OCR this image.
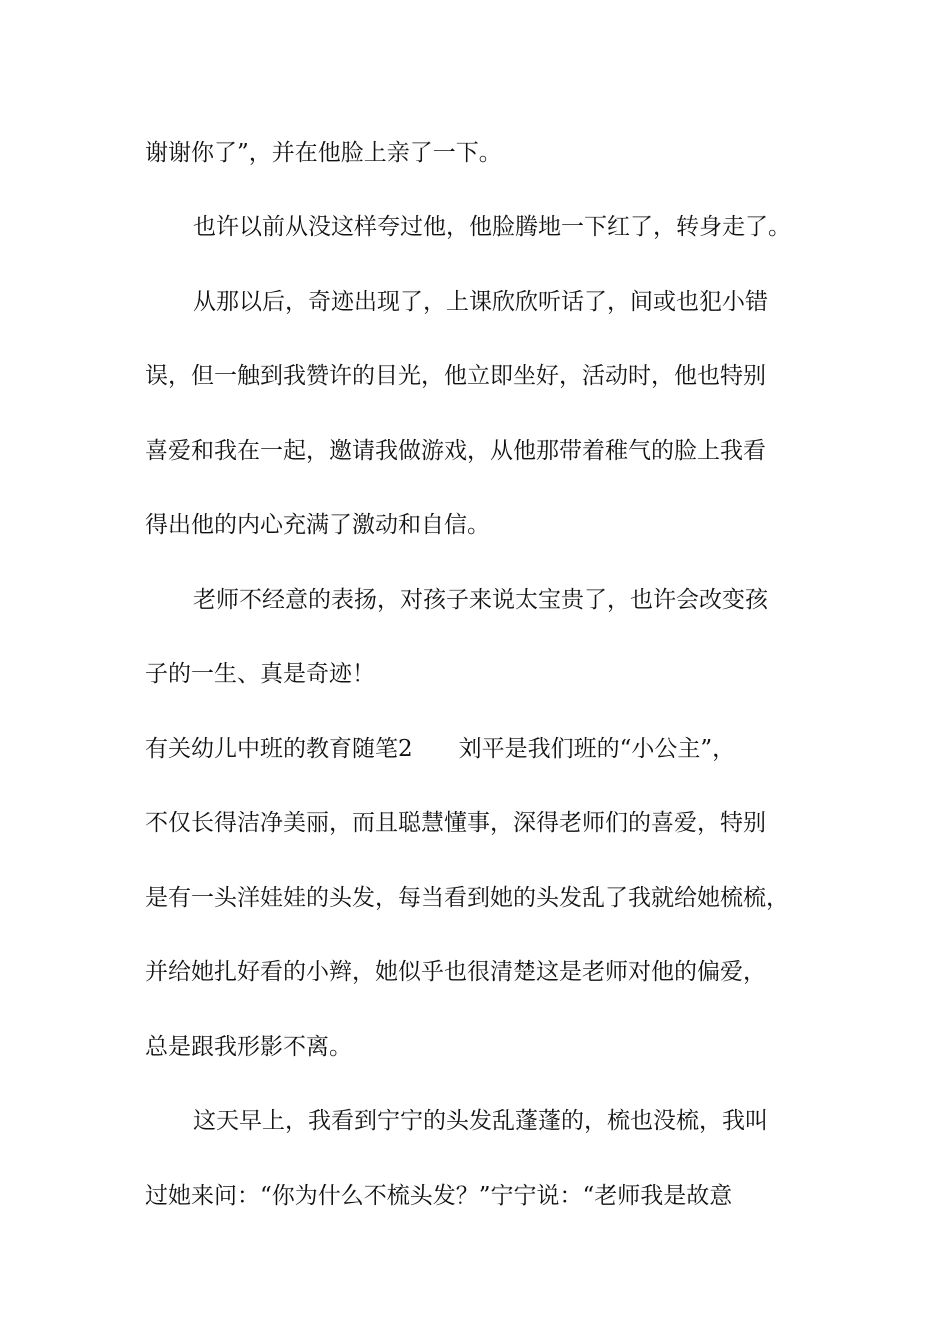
谢谢你了”，并在他脸上亲了一下。
也许以前从没这样夸过他，他脸腾地一下红了，转身走了。
从那以后，奇迹出现了，上课欣欣听话了，间或也犯小错
误，但一触到我赞许的目光，他立即坐好，活动时，他也特别
喜爱和我在一起，邀请我做游戏，从他那带着稚气的脸上我看
得出他的内心充满了激动和自信。
老师不经意的表扬，对孩子来说太宝贵了，也许会改变孩
子的一生、真是奇迹！
有关幼儿中班的教育随笔2　　刘平是我们班的“小公主”，
不仅长得洁净美丽，而且聪慧懂事，深得老师们的喜爱，特别
是有一头洋娃娃的头发，每当看到她的头发乱了我就给她梳梳，
并给她扎好看的小辫，她似乎也很清楚这是老师对他的偏爱，
总是跟我形影不离。
这天早上，我看到宁宁的头发乱蓬蓬的，梳也没梳，我叫
过她来问：“你为什么不梳头发？”宁宁说：“老师我是故意
